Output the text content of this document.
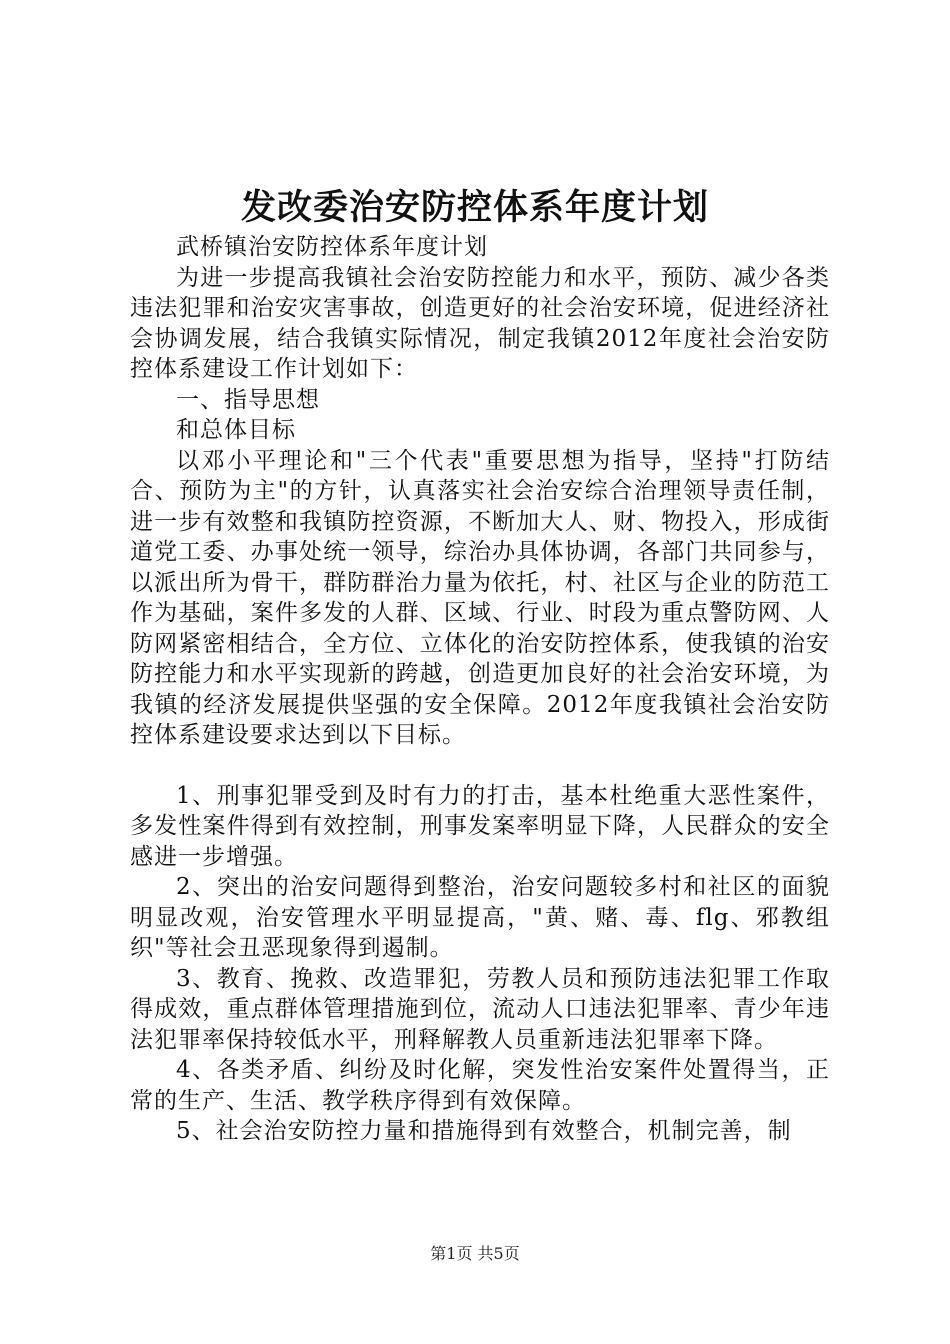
发改委治安防控体系年度计划

武桥镇治安防控体系年度计划

为进一步提高我镇社会治安防控能力和水平，预防、减少各类违法犯罪和治安灾害事故，创造更好的社会治安环境，促进经济社会协调发展，结合我镇实际情况，制定我镇2012年度社会治安防控体系建设工作计划如下：

一、指导思想

和总体目标

以邓小平理论和"三个代表"重要思想为指导，坚持"打防结合、预防为主"的方针，认真落实社会治安综合治理领导责任制，进一步有效整和我镇防控资源，不断加大人、财、物投入，形成街道党工委、办事处统一领导，综治办具体协调，各部门共同参与，以派出所为骨干，群防群治力量为依托，村、社区与企业的防范工作为基础，案件多发的人群、区域、行业、时段为重点警防网、人防网紧密相结合，全方位、立体化的治安防控体系，使我镇的治安防控能力和水平实现新的跨越，创造更加良好的社会治安环境，为我镇的经济发展提供坚强的安全保障。2012年度我镇社会治安防控体系建设要求达到以下目标。

1、刑事犯罪受到及时有力的打击，基本杜绝重大恶性案件，多发性案件得到有效控制，刑事发案率明显下降，人民群众的安全感进一步增强。

2、突出的治安问题得到整治，治安问题较多村和社区的面貌明显改观，治安管理水平明显提高，"黄、赌、毒、flg、邪教组织"等社会丑恶现象得到遏制。

3、教育、挽救、改造罪犯，劳教人员和预防违法犯罪工作取得成效，重点群体管理措施到位，流动人口违法犯罪率、青少年违法犯罪率保持较低水平，刑释解教人员重新违法犯罪率下降。

4、各类矛盾、纠纷及时化解，突发性治安案件处置得当，正常的生产、生活、教学秩序得到有效保障。

5、社会治安防控力量和措施得到有效整合，机制完善，制

第1页 共5页
